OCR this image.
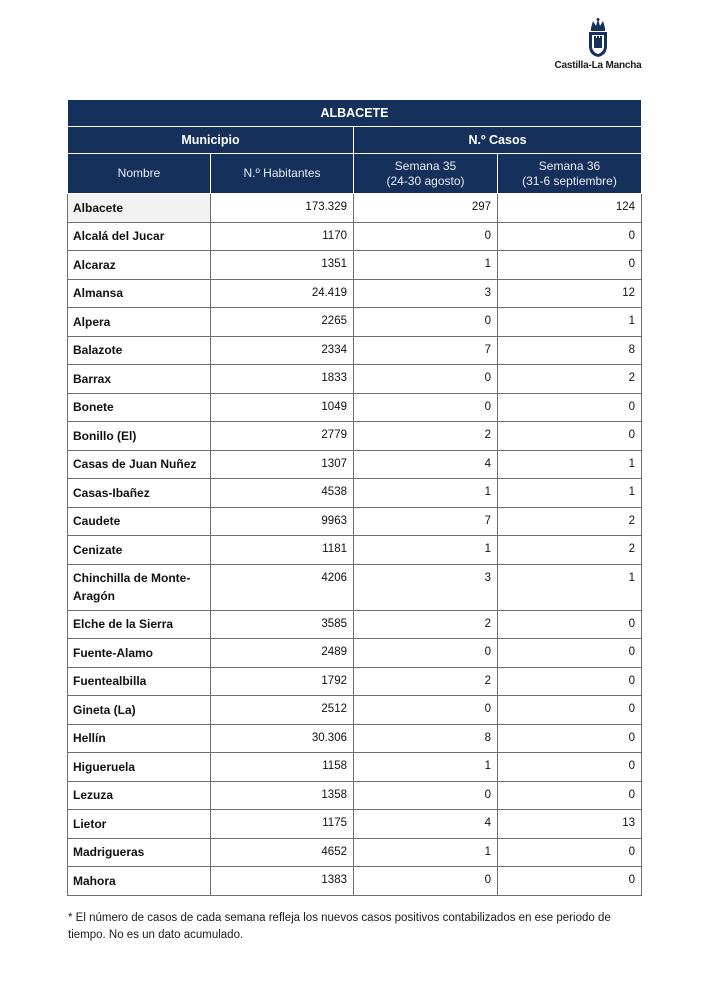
Castilla-La Mancha
ALBACETE			
Municipio		N.º Casos	

Nombre	N.º Habitantes	Semana 35
(24-30 agosto)	Semana 36
(31-6 septiembre)

Albacete	173.329	297	124
Alcalá del Jucar	1170	0	0
Alcaraz	1351	1	0
Almansa	24.419	3	12
Alpera	2265	0	1
Balazote	2334	7	8
Barrax	1833	0	2
Bonete	1049	0	0
Bonillo (El)	2779	2	0
Casas de Juan Nuñez	1307	4	1
Casas-Ibañez	4538	1	1
Caudete	9963	7	2
Cenizate	1181	1	2
Chinchilla de Monte-Aragón	4206	3	1
Elche de la Sierra	3585	2	0
Fuente-Alamo	2489	0	0
Fuentealbilla	1792	2	0
Gineta (La)	2512	0	0
Hellín	30.306	8	0
Higueruela	1158	1	0
Lezuza	1358	0	0
Lietor	1175	4	13
Madrigueras	4652	1	0
Mahora	1383	0	0
* El número de casos de cada semana refleja los nuevos casos positivos contabilizados en ese periodo de tiempo. No es un dato acumulado.
